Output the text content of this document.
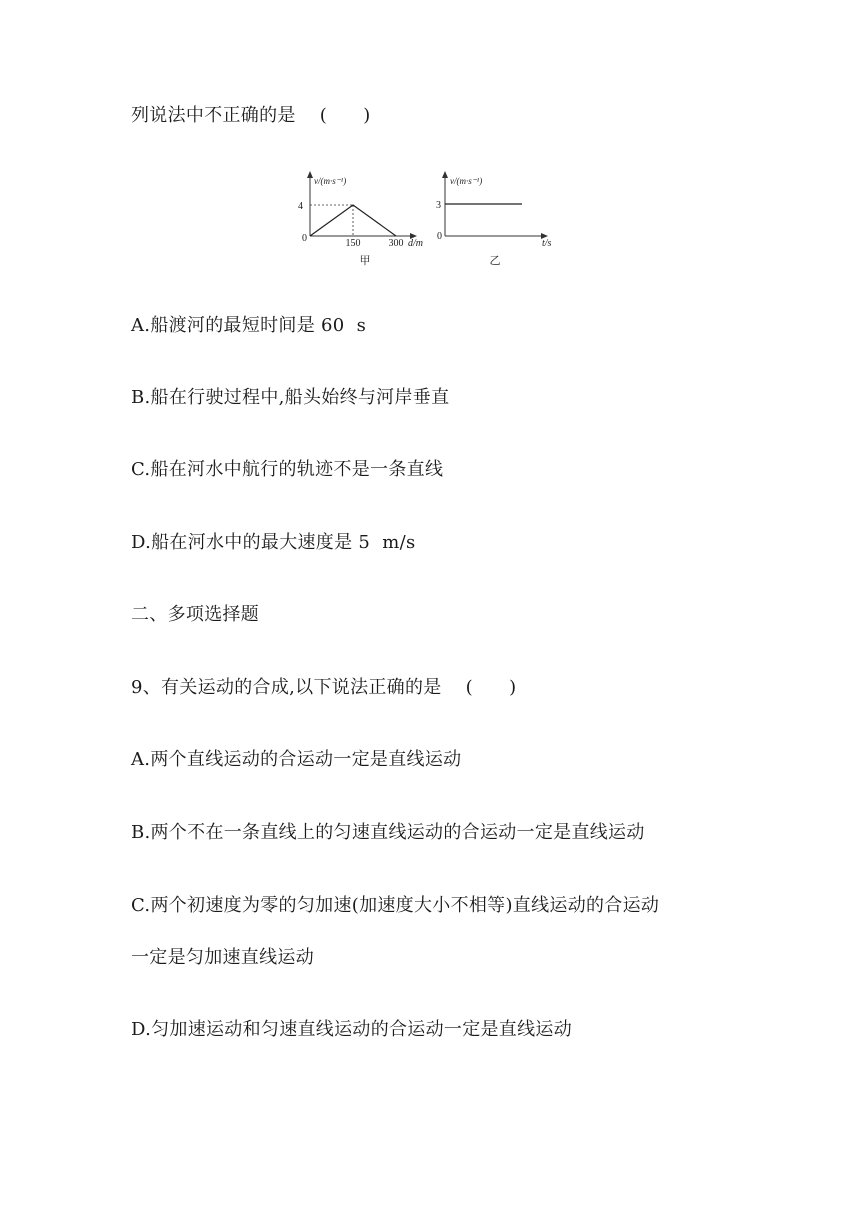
列说法中不正确的是    (      )
v/(m·s⁻¹)
4
0	150	300 d/m
甲
v/(m·s⁻¹)
3
0
t/s
乙
A.船渡河的最短时间是 60  s
B.船在行驶过程中,船头始终与河岸垂直
C.船在河水中航行的轨迹不是一条直线
D.船在河水中的最大速度是 5  m/s
二、多项选择题
9、有关运动的合成,以下说法正确的是    (      )
A.两个直线运动的合运动一定是直线运动
B.两个不在一条直线上的匀速直线运动的合运动一定是直线运动
C.两个初速度为零的匀加速(加速度大小不相等)直线运动的合运动
一定是匀加速直线运动
D.匀加速运动和匀速直线运动的合运动一定是直线运动
